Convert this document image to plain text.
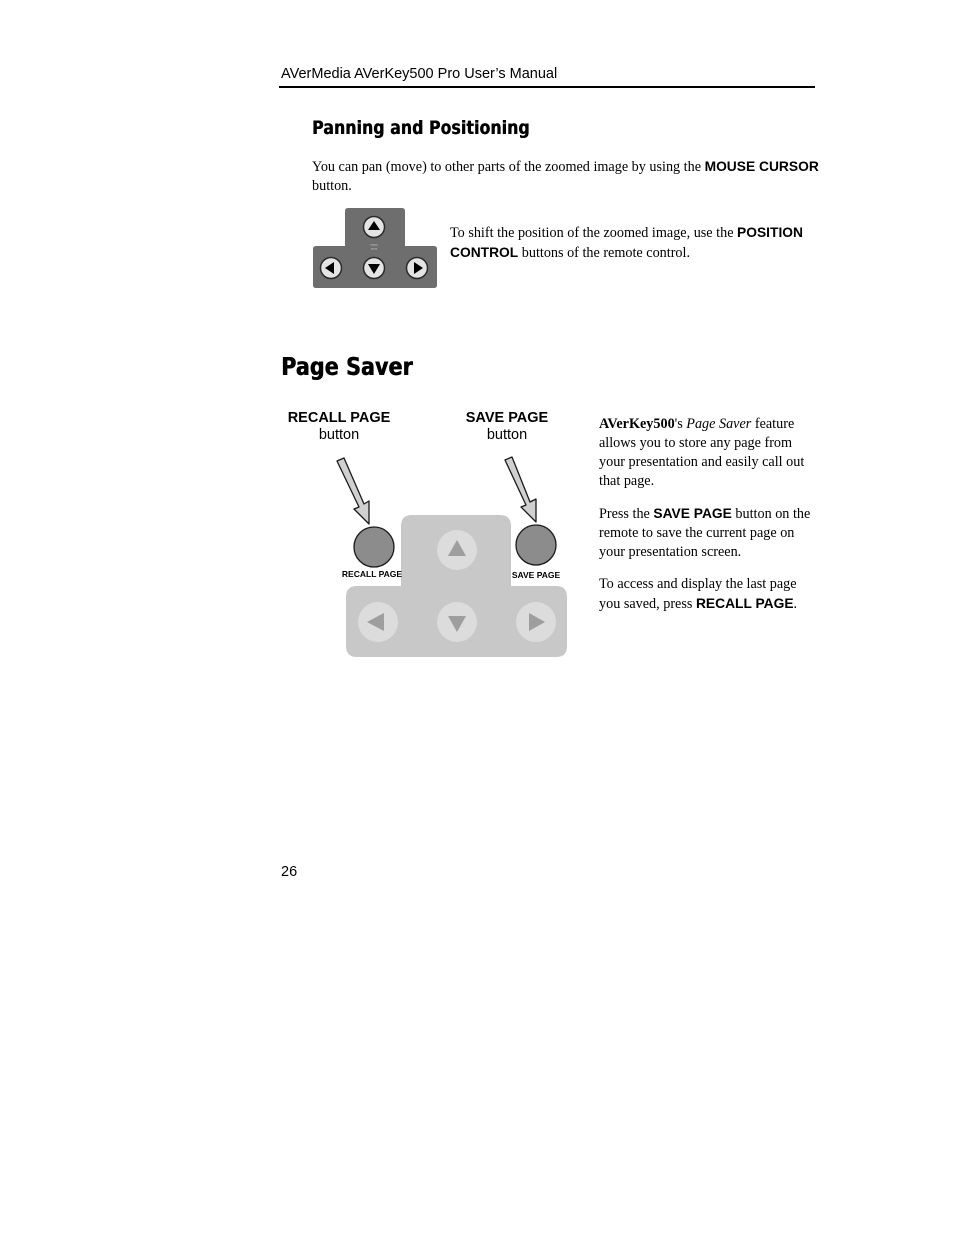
AVerMedia AVerKey500 Pro User’s Manual
Panning and Positioning
You can pan (move) to other parts of the zoomed image by using the MOUSE CURSOR button.
▪▪▪▪▪▪
▪▪▪▪▪
To shift the position of the zoomed image, use the POSITION CONTROL buttons of the remote control.
Page Saver
RECALL PAGE
button
SAVE PAGE
button
RECALL PAGE	SAVE PAGE

AVerKey500's Page Saver feature allows you to store any page from your presentation and easily call out that page.

Press the SAVE PAGE button on the remote to save the current page on your presentation screen.

To access and display the last page you saved, press RECALL PAGE.

26
